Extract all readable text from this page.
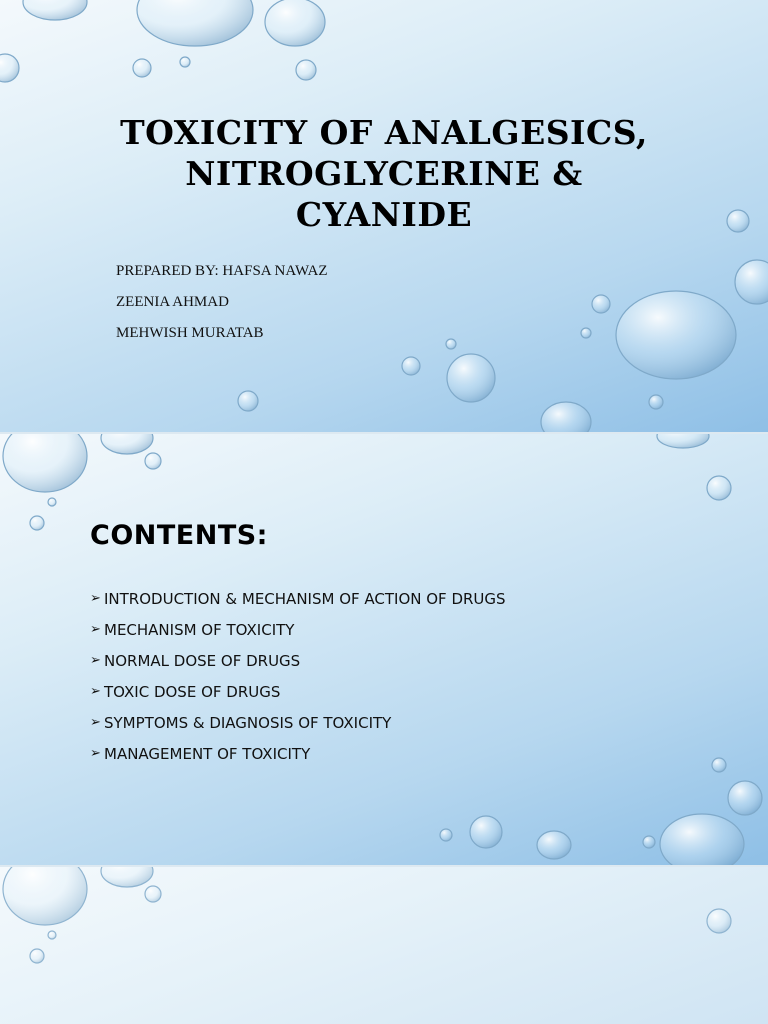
TOXICITY OF ANALGESICS,
NITROGLYCERINE &
CYANIDE
PREPARED BY: HAFSA NAWAZ
ZEENIA AHMAD
MEHWISH MURATAB
CONTENTS:
➢ INTRODUCTION & MECHANISM OF ACTION OF DRUGS
➢ MECHANISM OF TOXICITY
➢ NORMAL DOSE OF DRUGS
➢ TOXIC DOSE OF DRUGS
➢ SYMPTOMS & DIAGNOSIS OF TOXICITY
➢ MANAGEMENT OF TOXICITY
